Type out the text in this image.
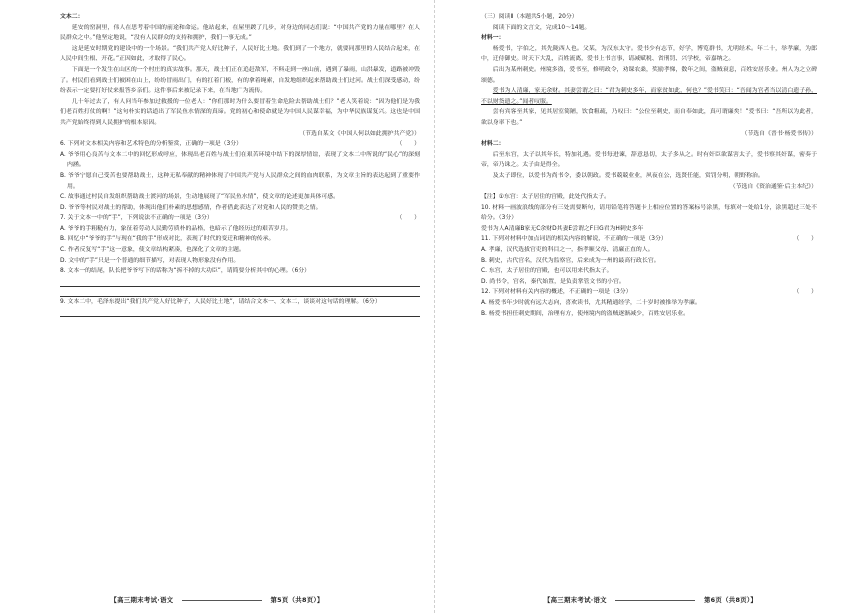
文本二：

延安的窑洞里，伟人在思考着中国的前途和命运。他站起来，在屋里踱了几步，对身边的同志们说：“中国共产党的力量在哪里？在人民群众之中。”他坚定地说，“没有人民群众的支持和拥护，我们一事无成。”

这是延安时期党的建设中的一个场景。“我们共产党人好比种子，人民好比土地。我们到了一个地方，就要同那里的人民结合起来，在人民中间生根、开花。”正因如此，才取得了民心。

下面是一个发生在山区的一个村庄的真实故事。那天，战士们正在追赶敌军，不料走到一座山前，遇到了暴雨，山洪暴发，道路被冲毁了。村民们看到战士们被困在山上，纷纷冒雨出门，有的扛着门板，有的拿着绳索，自发地组织起来帮助战士们过河。战士们深受感动，纷纷表示一定要打好仗来报答乡亲们。这件事后来被记录下来，在当地广为流传。

几十年过去了，有人问当年参加过救援的一位老人：“你们那时为什么要冒着生命危险去帮助战士们？”老人笑着说：“因为他们是为我们老百姓打仗的啊！”这句朴实的话道出了军民鱼水情深的真谛。党的初心和使命就是为中国人民谋幸福，为中华民族谋复兴。这也是中国共产党始终得到人民拥护的根本原因。

（节选自某文《中国人何以如此拥护共产党》）

（　　）
6. 下列对文本相关内容和艺术特色的分析鉴赏，正确的一项是（3分）
A. 爷爷用心良苦与文本二中的回忆形成呼应，体现出老百姓与战士们在艰苦环境中结下的深厚情谊，表现了文本二中所说的“民心”的深刻内涵。
B. 爷爷宁愿自己受苦也要帮助战士，这种无私奉献的精神体现了中国共产党与人民群众之间的血肉联系，为文章主旨的表达起到了重要作用。
C. 故事通过村民自发组织帮助战士渡河的场景，生动地展现了“军民鱼水情”，使文章的论述更加具体可感。
D. 爷爷等村民对战士的帮助，体现出他们朴素的思想感情，作者借此表达了对党和人民的赞美之情。
（　　）
7. 关于文本一中的“手”，下列说法不正确的一项是（3分）
A. 爷爷的手粗糙有力，象征着劳动人民勤劳质朴的品格，也暗示了他经历过的艰苦岁月。
B. 回忆中“爷爷的手”与现在“我的手”形成对比，表现了时代的变迁和精神的传承。
C. 作者反复写“手”这一意象，使文章结构紧凑，也深化了文章的主题。
D. 文中的“手”只是一个普通的细节描写，对表现人物形象没有作用。
8. 文本一的结尾，队长把爷爷写下的话称为“拆不掉的大功臣”，请简要分析其中的心理。（6分）
9. 文本二中，毛泽东提出“我们共产党人好比种子，人民好比土地”，请结合文本一、文本二，谈谈对这句话的理解。（6分）
【高三期末考试·语文	第5页（共8页）】

（三）阅读Ⅱ（本题共5小题，20分）

阅读下面的文言文，完成10～14题。

材料一：

杨爱书，字伯之，其先陇西人也。父某，为汉东太守。爱书少有志节，好学，博览群书，尤明经术。年二十，举孝廉，为郎中，迁侍御史。时天下大乱，百姓流离，爱书上书言事，请减赋税、省刑罚、兴学校，帝嘉纳之。

后出为某州刺史。州境多盗，爱书至，修明政令，劝课农桑，奖励孝悌，数年之间，盗贼衰息，百姓安居乐业。州人为之立碑颂德。

爱书为人清廉，家无余财。其妻尝谓之曰：“君为刺史多年，而家贫如此，何也？”爱书笑曰：“吾闻为官者当以清白遗子孙，不以财货遗之。”闻者叹服。

尝有宾客至其家，见其居室简陋，饮食粗疏，乃叹曰：“公位至刺史，而自奉如此，真可谓廉矣！”爱书曰：“吾所以为此者，欲以身率下也。”

（节选自《晋书·杨爱书传》）

材料二：

后至东宫，太子以其年长，特加礼遇。爱书每进谏，辞意恳切，太子多从之。时有奸臣欲谋害太子，爱书察其奸谋，密奏于帝，帝乃诛之。太子由是得全。

及太子即位，以爱书为尚书令，委以朝政。爱书兢兢业业，夙夜在公，选贤任能，赏罚分明，朝野称治。

（节选自《资治通鉴·后主本纪》）

【注】①东宫：太子居住的宫殿，此处代指太子。

10. 材料一画波浪线的部分有三处需要断句，请用铅笔将答题卡上相应位置的答案标号涂黑，每填对一处给1分，涂黑超过三处不给分。（3分）
爱书为人A清廉B家无C余财D其妻E尝谓之F曰G君为H刺史多年
（　　）
11. 下列对材料中加点词语的相关内容的解说，不正确的一项是（3分）
A. 孝廉，汉代选拔官吏的科目之一，指孝顺父母、清廉正直的人。
B. 刺史，古代官名，汉代为监察官，后来成为一州的最高行政长官。
C. 东宫，太子居住的宫殿，也可以用来代指太子。
D. 尚书令，官名，秦代始置，是负责掌管文书的小官。
（　　）
12. 下列对材料有关内容的概述，不正确的一项是（3分）
A. 杨爱书年少时就有远大志向，喜欢读书，尤其精通经学，二十岁时被推举为孝廉。
B. 杨爱书担任刺史期间，治理有方，使州境内的盗贼逐渐减少，百姓安居乐业。
【高三期末考试·语文	第6页（共8页）】
